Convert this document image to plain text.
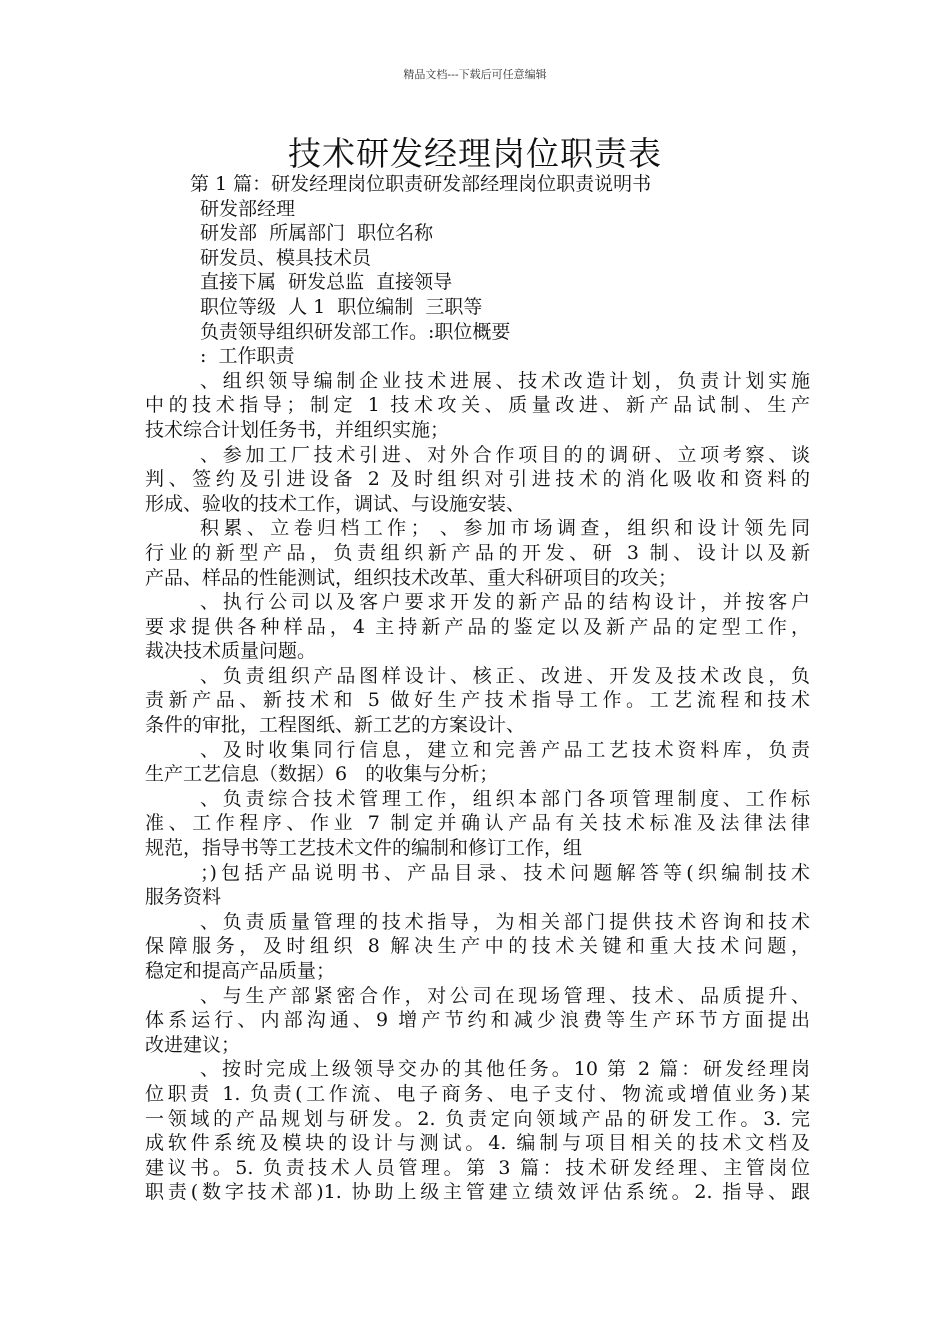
精品文档---下载后可任意编辑
技术研发经理岗位职责表
第 1 篇：研发经理岗位职责研发部经理岗位职责说明书
研发部经理
研发部  所属部门  职位名称
研发员、模具技术员
直接下属  研发总监  直接领导
职位等级  人 1  职位编制  三职等
负责领导组织研发部工作。:职位概要
:  工作职责
、组织领导编制企业技术进展、技术改造计划，负责计划实施
中的技术指导；制定 1 技术攻关、质量改进、新产品试制、生产
技术综合计划任务书，并组织实施；
、参加工厂技术引进、对外合作项目的的调研、立项考察、谈
判、签约及引进设备 2 及时组织对引进技术的消化吸收和资料的
形成、验收的技术工作，调试、与设施安装、
积累、立卷归档工作； 、参加市场调查，组织和设计领先同
行业的新型产品，负责组织新产品的开发、研 3 制、设计以及新
产品、样品的性能测试，组织技术改革、重大科研项目的攻关；
、执行公司以及客户要求开发的新产品的结构设计，并按客户
要求提供各种样品，4 主持新产品的鉴定以及新产品的定型工作，
裁决技术质量问题。
、负责组织产品图样设计、核正、改进、开发及技术改良，负
责新产品、新技术和 5 做好生产技术指导工作。工艺流程和技术
条件的审批，工程图纸、新工艺的方案设计、
、及时收集同行信息，建立和完善产品工艺技术资料库，负责
生产工艺信息（数据）6   的收集与分析；
、负责综合技术管理工作，组织本部门各项管理制度、工作标
准、工作程序、作业 7 制定并确认产品有关技术标准及法律法律
规范，指导书等工艺技术文件的编制和修订工作，组
；)包括产品说明书、产品目录、技术问题解答等(织编制技术
服务资料
、负责质量管理的技术指导，为相关部门提供技术咨询和技术
保障服务，及时组织 8 解决生产中的技术关键和重大技术问题，
稳定和提高产品质量；
、与生产部紧密合作，对公司在现场管理、技术、品质提升、
体系运行、内部沟通、9 增产节约和减少浪费等生产环节方面提出
改进建议；
、按时完成上级领导交办的其他任务。10 第 2 篇：研发经理岗
位职责 1. 负责(工作流、电子商务、电子支付、物流或增值业务)某
一领域的产品规划与研发。2. 负责定向领域产品的研发工作。3. 完
成软件系统及模块的设计与测试。4. 编制与项目相关的技术文档及
建议书。5. 负责技术人员管理。第 3 篇：技术研发经理、主管岗位
职责(数字技术部)1. 协助上级主管建立绩效评估系统。2. 指导、跟
